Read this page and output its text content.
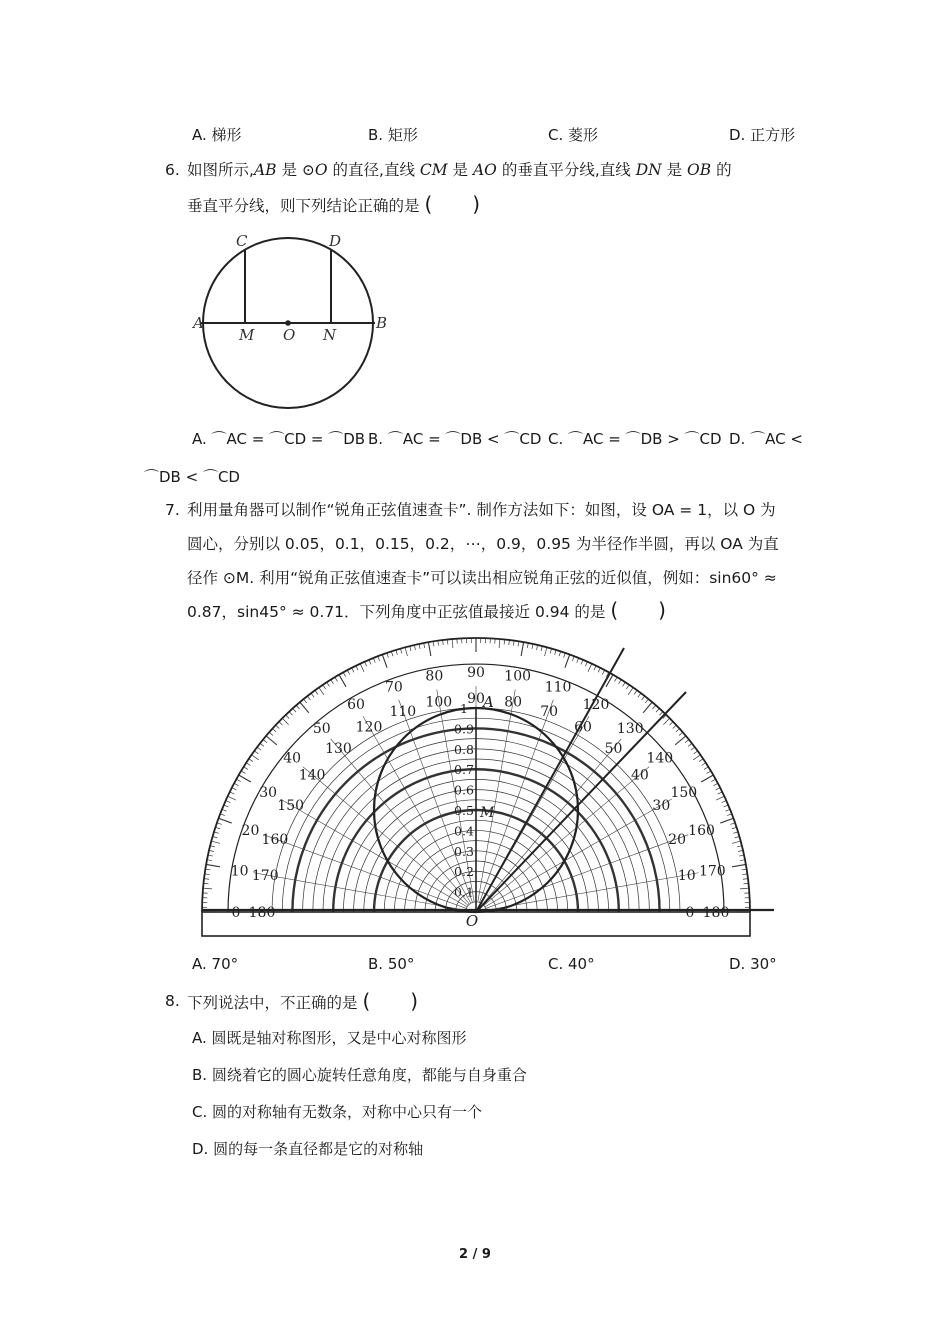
A. 梯形	B. 矩形	C. 菱形	D. 正方形
6. 如图所示,AB 是 ⊙O 的直径,直线 CM 是 AO 的垂直平分线,直线 DN 是 OB 的
垂直平分线，则下列结论正确的是 (　　)
A	B
C	D
M O N
A. ⌒AC = ⌒CD = ⌒DB B. ⌒AC = ⌒DB < ⌒CD C. ⌒AC = ⌒DB > ⌒CD D. ⌒AC <
⌒DB < ⌒CD
7. 利用量角器可以制作“锐角正弦值速查卡”. 制作方法如下：如图，设 OA = 1，以 O 为
圆心，分别以 0.05，0.1，0.15，0.2，⋯，0.9，0.95 为半径作半圆，再以 OA 为直
径作 ⊙M. 利用“锐角正弦值速查卡”可以读出相应锐角正弦的近似值，例如：sin60° ≈
0.87，sin45° ≈ 0.71．下列角度中正弦值最接近 0.94 的是 (　　)
0
10
20
30
40
50
60
70
80 90 100
110
120
130
140
150
160
170
180
180
170
160
150
140
130
120
110
100 90 80
70
60
50
40
30
20
10
0
0.1
0.2
0.3
0.4
0.5
0.6
0.7
0.8
0.9
1
O
A
M
A. 70°	B. 50°	C. 40°	D. 30°
8. 下列说法中，不正确的是 (　　)
A. 圆既是轴对称图形，又是中心对称图形
B. 圆绕着它的圆心旋转任意角度，都能与自身重合
C. 圆的对称轴有无数条，对称中心只有一个
D. 圆的每一条直径都是它的对称轴
2 / 9
